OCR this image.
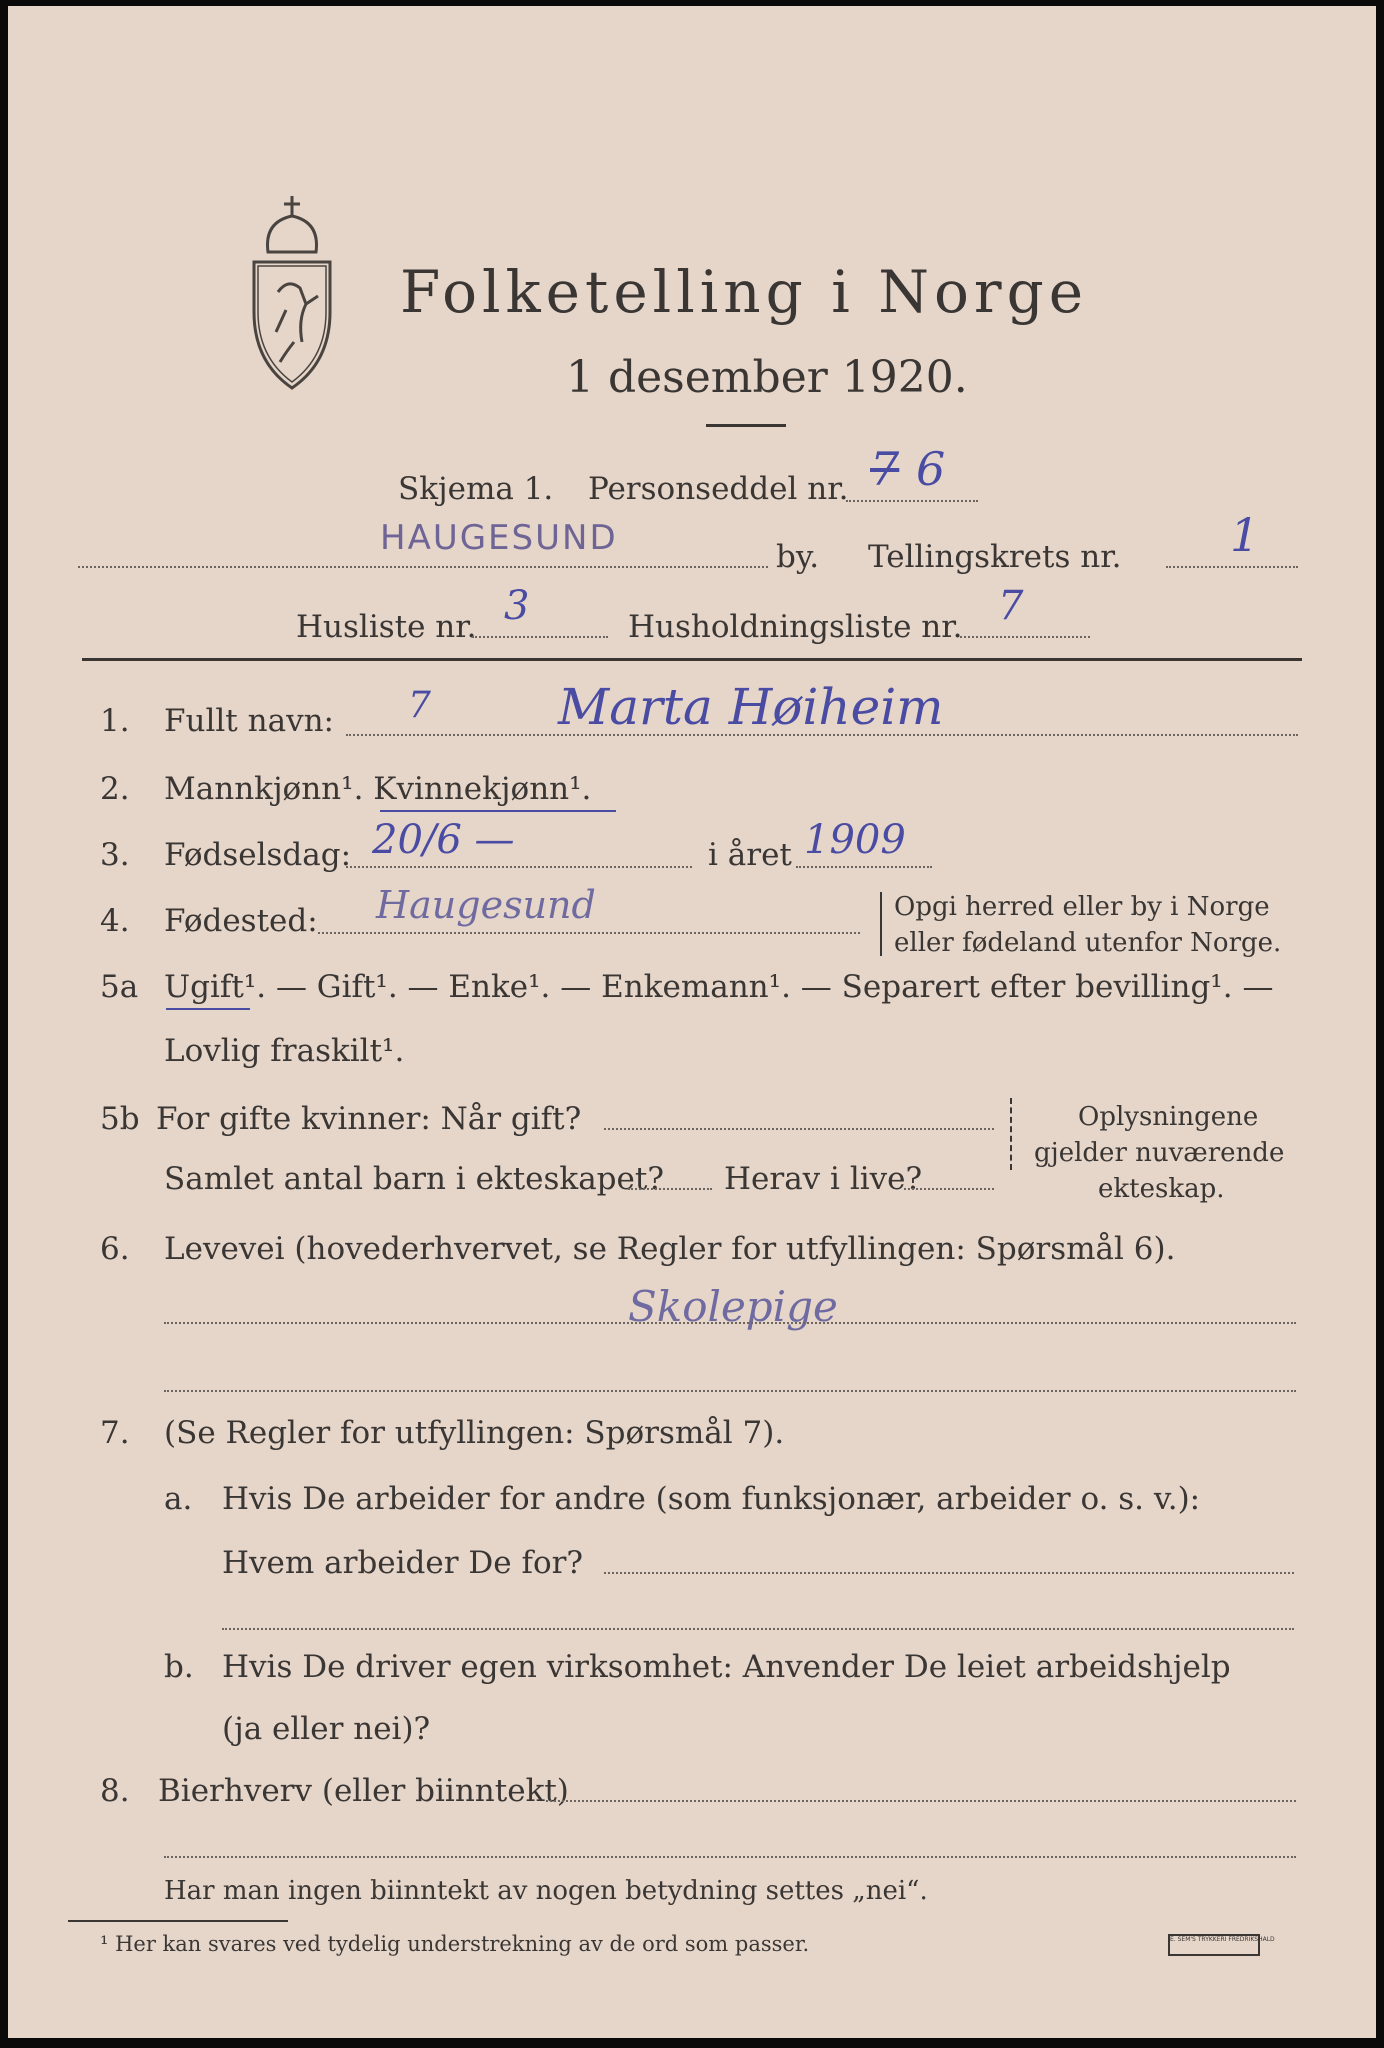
Folketelling i Norge
1 desember 1920.
Skjema 1. Personseddel nr. 7 6
HAUGESUND	by. Tellingskrets nr. 1
Husliste nr. 3	Husholdningsliste nr. 7
1. Fullt navn: 7	Marta Høiheim
2. Mannkjønn¹. Kvinnekjønn¹.
3. Fødselsdag: 20/6 —	i året 1909
4. Fødested: Haugesund	Opgi herred eller by i Norge
eller fødeland utenfor Norge.
5a Ugift¹. — Gift¹. — Enke¹. — Enkemann¹. — Separert efter bevilling¹. —
Lovlig fraskilt¹.
5b For gifte kvinner: Når gift?
Samlet antal barn i ekteskapet? Herav i live?
Oplysningene
gjelder nuværende
ekteskap.
6. Levevei (hovederhvervet, se Regler for utfyllingen: Spørsmål 6).
Skolepige
7. (Se Regler for utfyllingen: Spørsmål 7).
a. Hvis De arbeider for andre (som funksjonær, arbeider o. s. v.):
Hvem arbeider De for?
b. Hvis De driver egen virksomhet: Anvender De leiet arbeidshjelp
(ja eller nei)?
8. Bierhverv (eller biinntekt)
Har man ingen biinntekt av nogen betydning settes „nei“.
¹ Her kan svares ved tydelig understrekning av de ord som passer.	E. SEM'S TRYKKERI FREDRIKSHALD
